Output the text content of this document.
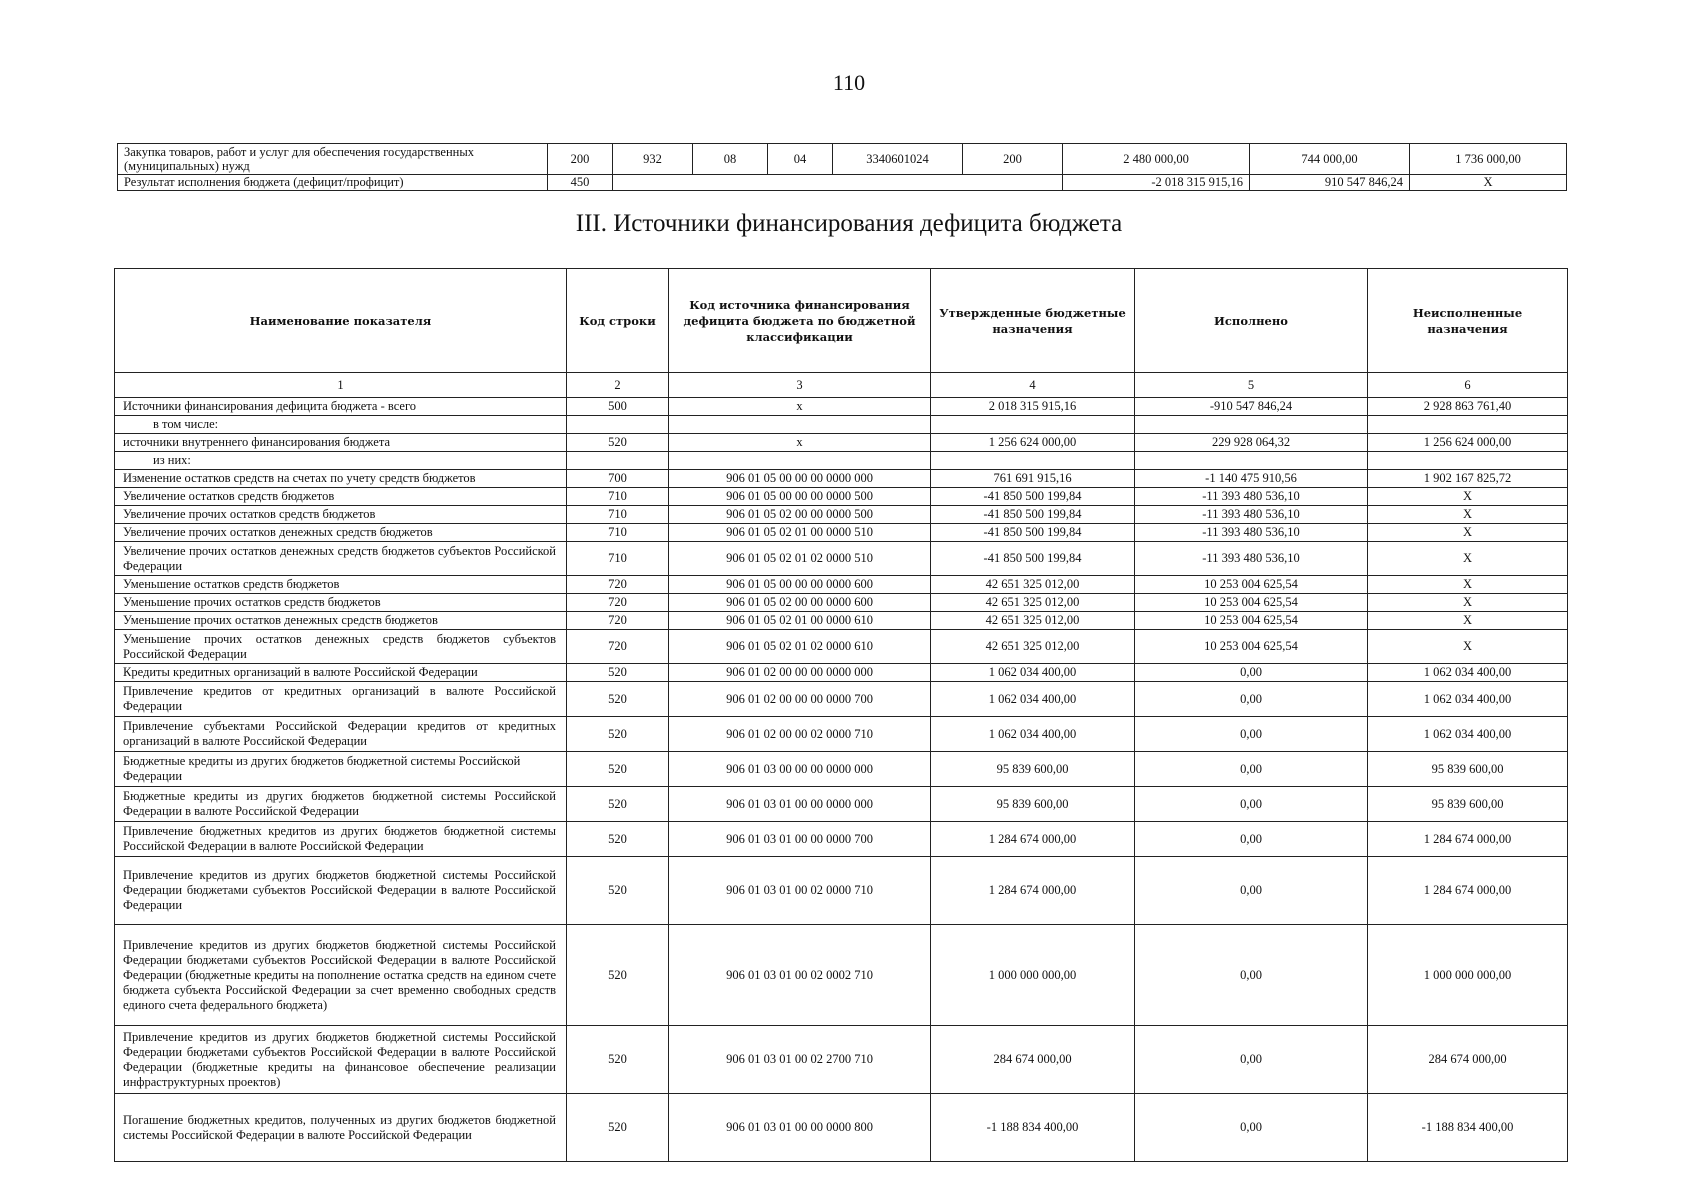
110
Закупка товаров, работ и услуг для обеспечения государственных (муниципальных) нужд	200	932	08	04	3340601024	200	2 480 000,00	744 000,00	1 736 000,00
Результат исполнения бюджета (дефицит/профицит)	450						-2 018 315 915,16	910 547 846,24	X
III. Источники финансирования дефицита бюджета
Наименование показателя	Код строки	Код источника финансирования дефицита бюджета по бюджетной классификации	Утвержденные бюджетные назначения	Исполнено	Неисполненные назначения
1	2	3	4	5	6
Источники финансирования дефицита бюджета - всего	500	x	2 018 315 915,16	-910 547 846,24	2 928 863 761,40
в том числе:					
источники внутреннего финансирования бюджета	520	x	1 256 624 000,00	229 928 064,32	1 256 624 000,00
из них:					
Изменение остатков средств на счетах по учету средств бюджетов	700	906 01 05 00 00 00 0000 000	761 691 915,16	-1 140 475 910,56	1 902 167 825,72
Увеличение остатков средств бюджетов	710	906 01 05 00 00 00 0000 500	-41 850 500 199,84	-11 393 480 536,10	X
Увеличение прочих остатков средств бюджетов	710	906 01 05 02 00 00 0000 500	-41 850 500 199,84	-11 393 480 536,10	X
Увеличение прочих остатков денежных средств бюджетов	710	906 01 05 02 01 00 0000 510	-41 850 500 199,84	-11 393 480 536,10	X
Увеличение прочих остатков денежных средств бюджетов субъектов Российской Федерации	710	906 01 05 02 01 02 0000 510	-41 850 500 199,84	-11 393 480 536,10	X
Уменьшение остатков средств бюджетов	720	906 01 05 00 00 00 0000 600	42 651 325 012,00	10 253 004 625,54	X
Уменьшение прочих остатков средств бюджетов	720	906 01 05 02 00 00 0000 600	42 651 325 012,00	10 253 004 625,54	X
Уменьшение прочих остатков денежных средств бюджетов	720	906 01 05 02 01 00 0000 610	42 651 325 012,00	10 253 004 625,54	X
Уменьшение прочих остатков денежных средств бюджетов субъектов Российской Федерации	720	906 01 05 02 01 02 0000 610	42 651 325 012,00	10 253 004 625,54	X
Кредиты кредитных организаций в валюте Российской Федерации	520	906 01 02 00 00 00 0000 000	1 062 034 400,00	0,00	1 062 034 400,00
Привлечение кредитов от кредитных организаций в валюте Российской Федерации	520	906 01 02 00 00 00 0000 700	1 062 034 400,00	0,00	1 062 034 400,00
Привлечение субъектами Российской Федерации кредитов от кредитных организаций в валюте Российской Федерации	520	906 01 02 00 00 02 0000 710	1 062 034 400,00	0,00	1 062 034 400,00
Бюджетные кредиты из других бюджетов бюджетной системы Российской Федерации	520	906 01 03 00 00 00 0000 000	95 839 600,00	0,00	95 839 600,00
Бюджетные кредиты из других бюджетов бюджетной системы Российской Федерации в валюте Российской Федерации	520	906 01 03 01 00 00 0000 000	95 839 600,00	0,00	95 839 600,00
Привлечение бюджетных кредитов из других бюджетов бюджетной системы Российской Федерации в валюте Российской Федерации	520	906 01 03 01 00 00 0000 700	1 284 674 000,00	0,00	1 284 674 000,00
Привлечение кредитов из других бюджетов бюджетной системы Российской Федерации бюджетами субъектов Российской Федерации в валюте Российской Федерации	520	906 01 03 01 00 02 0000 710	1 284 674 000,00	0,00	1 284 674 000,00
Привлечение кредитов из других бюджетов бюджетной системы Российской Федерации бюджетами субъектов Российской Федерации в валюте Российской Федерации (бюджетные кредиты на пополнение остатка средств на едином счете бюджета субъекта Российской Федерации за счет временно свободных средств единого счета федерального бюджета)	520	906 01 03 01 00 02 0002 710	1 000 000 000,00	0,00	1 000 000 000,00
Привлечение кредитов из других бюджетов бюджетной системы Российской Федерации бюджетами субъектов Российской Федерации в валюте Российской Федерации (бюджетные кредиты на финансовое обеспечение реализации инфраструктурных проектов)	520	906 01 03 01 00 02 2700 710	284 674 000,00	0,00	284 674 000,00
Погашение бюджетных кредитов, полученных из других бюджетов бюджетной системы Российской Федерации в валюте Российской Федерации	520	906 01 03 01 00 00 0000 800	-1 188 834 400,00	0,00	-1 188 834 400,00
